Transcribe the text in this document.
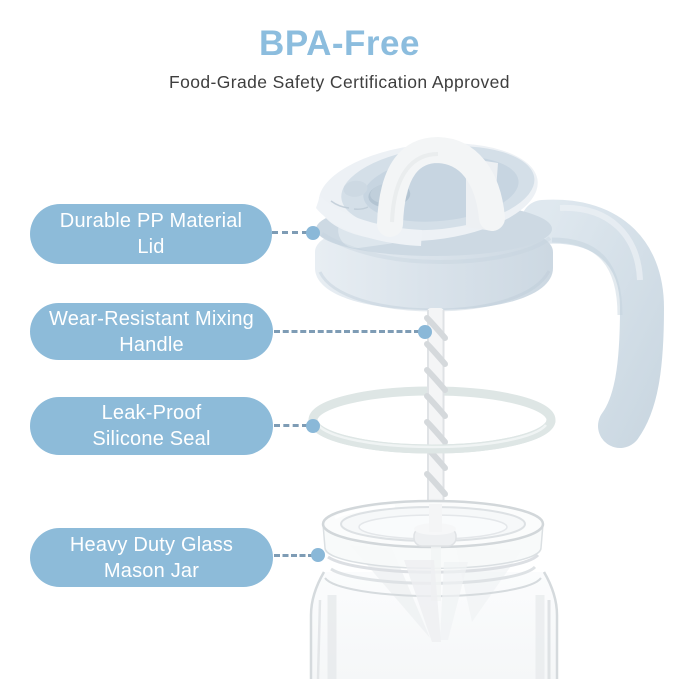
BPA-Free
Food-Grade Safety Certification Approved
Durable PP Material
Lid
Wear-Resistant Mixing
Handle
Leak-Proof
Silicone Seal
Heavy Duty Glass
Mason Jar
